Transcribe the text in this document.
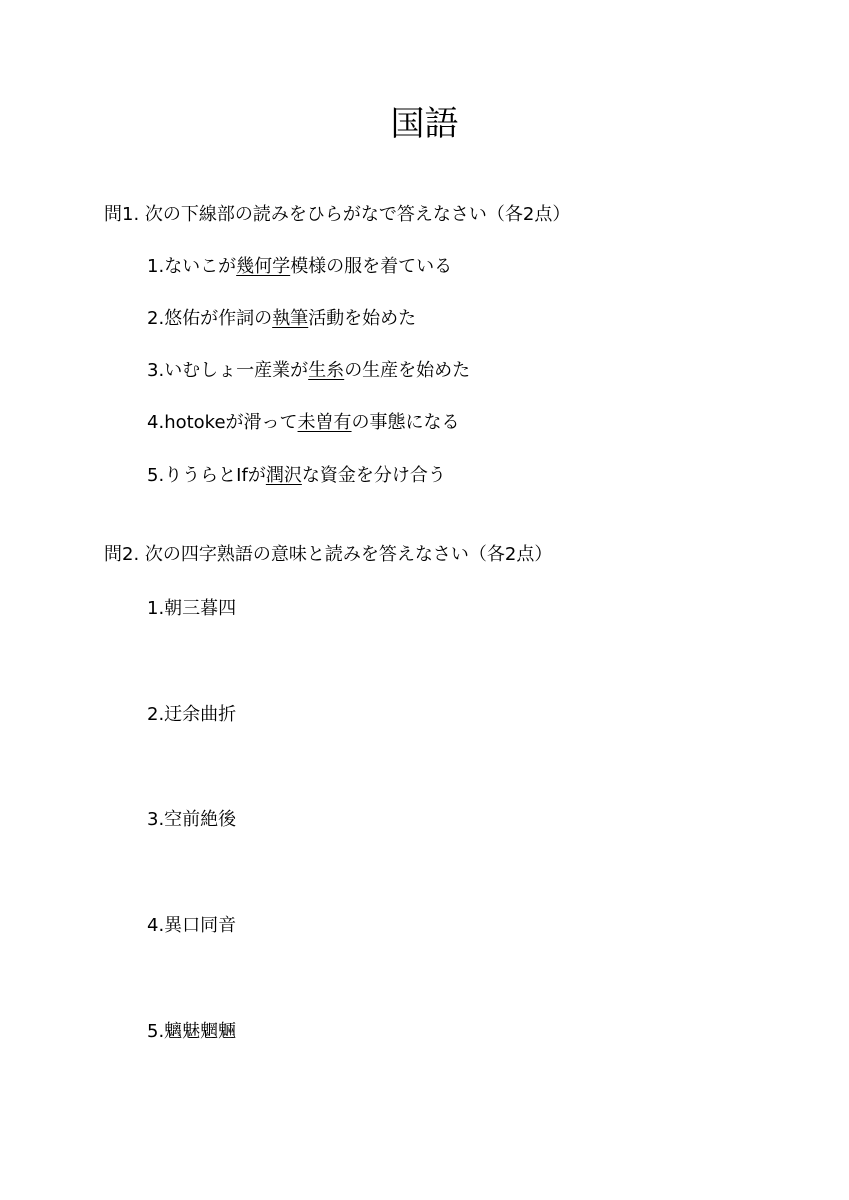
国語
問1. 次の下線部の読みをひらがなで答えなさい（各2点）
1.ないこが幾何学模様の服を着ている
2.悠佑が作詞の執筆活動を始めた
3.いむしょ一産業が生糸の生産を始めた
4.hotokeが滑って未曽有の事態になる
5.りうらとIfが潤沢な資金を分け合う
問2. 次の四字熟語の意味と読みを答えなさい（各2点）
1.朝三暮四
2.迂余曲折
3.空前絶後
4.異口同音
5.魑魅魍魎
